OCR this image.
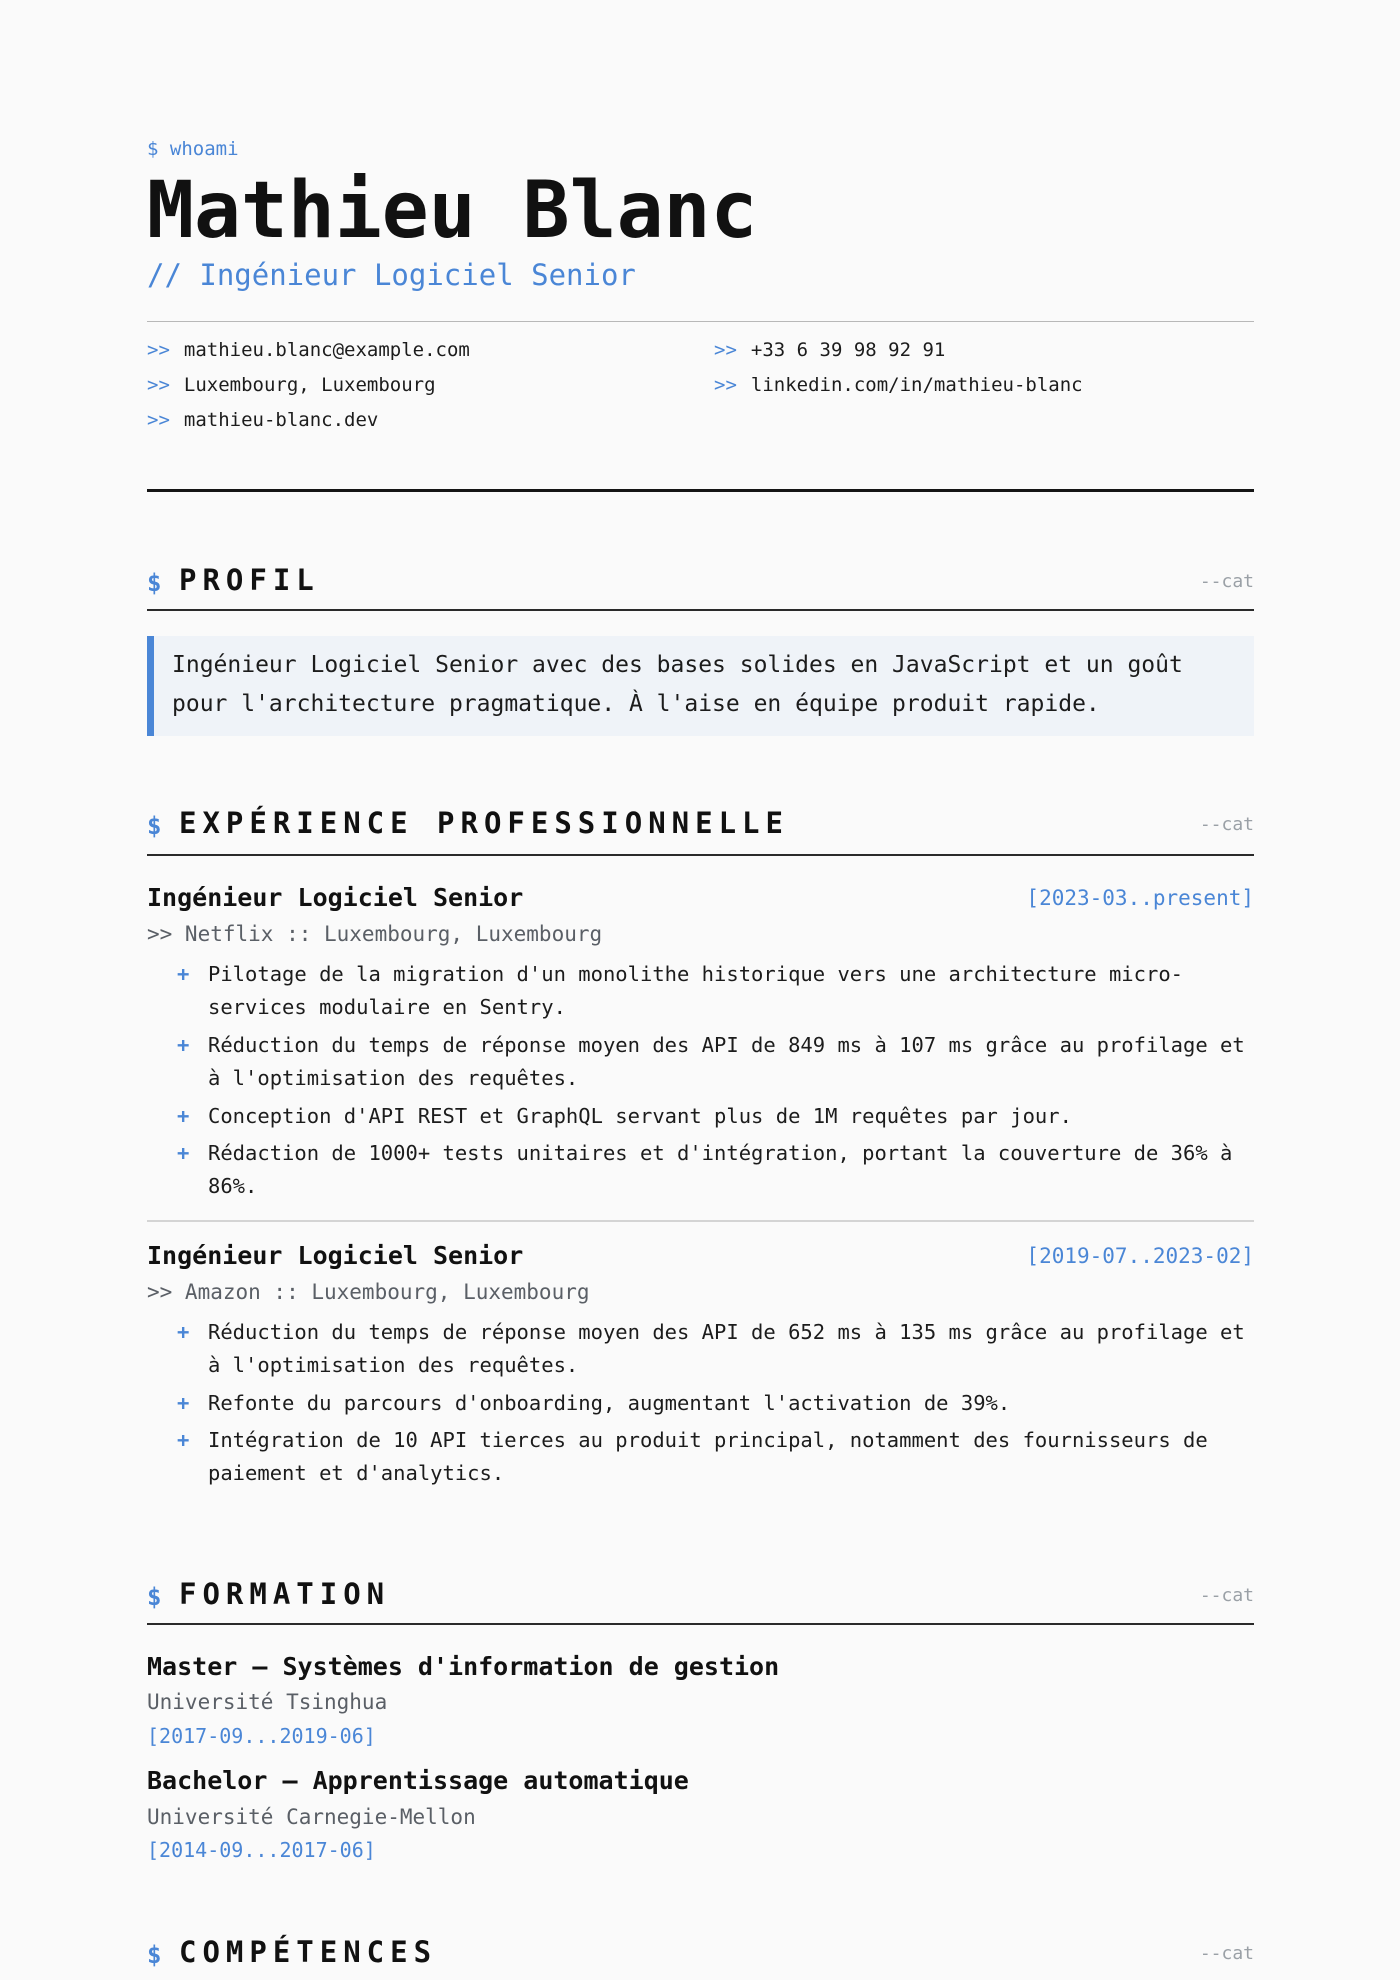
$ whoami
Mathieu Blanc
// Ingénieur Logiciel Senior
>> mathieu.blanc@example.com	>> +33 6 39 98 92 91
>> Luxembourg, Luxembourg	>> linkedin.com/in/mathieu-blanc
>> mathieu-blanc.dev
$ PROFIL	--cat
Ingénieur Logiciel Senior avec des bases solides en JavaScript et un goût
pour l'architecture pragmatique. À l'aise en équipe produit rapide.
$ EXPÉRIENCE PROFESSIONNELLE	--cat
Ingénieur Logiciel Senior	[2023-03..present]
>> Netflix :: Luxembourg, Luxembourg
+ Pilotage de la migration d'un monolithe historique vers une architecture micro-services modulaire en Sentry.
+ Réduction du temps de réponse moyen des API de 849 ms à 107 ms grâce au profilage et à l'optimisation des requêtes.
+ Conception d'API REST et GraphQL servant plus de 1M requêtes par jour.
+ Rédaction de 1000+ tests unitaires et d'intégration, portant la couverture de 36% à 86%.
Ingénieur Logiciel Senior	[2019-07..2023-02]
>> Amazon :: Luxembourg, Luxembourg
+ Réduction du temps de réponse moyen des API de 652 ms à 135 ms grâce au profilage et à l'optimisation des requêtes.
+ Refonte du parcours d'onboarding, augmentant l'activation de 39%.
+ Intégration de 10 API tierces au produit principal, notamment des fournisseurs de paiement et d'analytics.
$ FORMATION	--cat
Master — Systèmes d'information de gestion
Université Tsinghua
[2017-09...2019-06]
Bachelor — Apprentissage automatique
Université Carnegie-Mellon
[2014-09...2017-06]
$ COMPÉTENCES	--cat
